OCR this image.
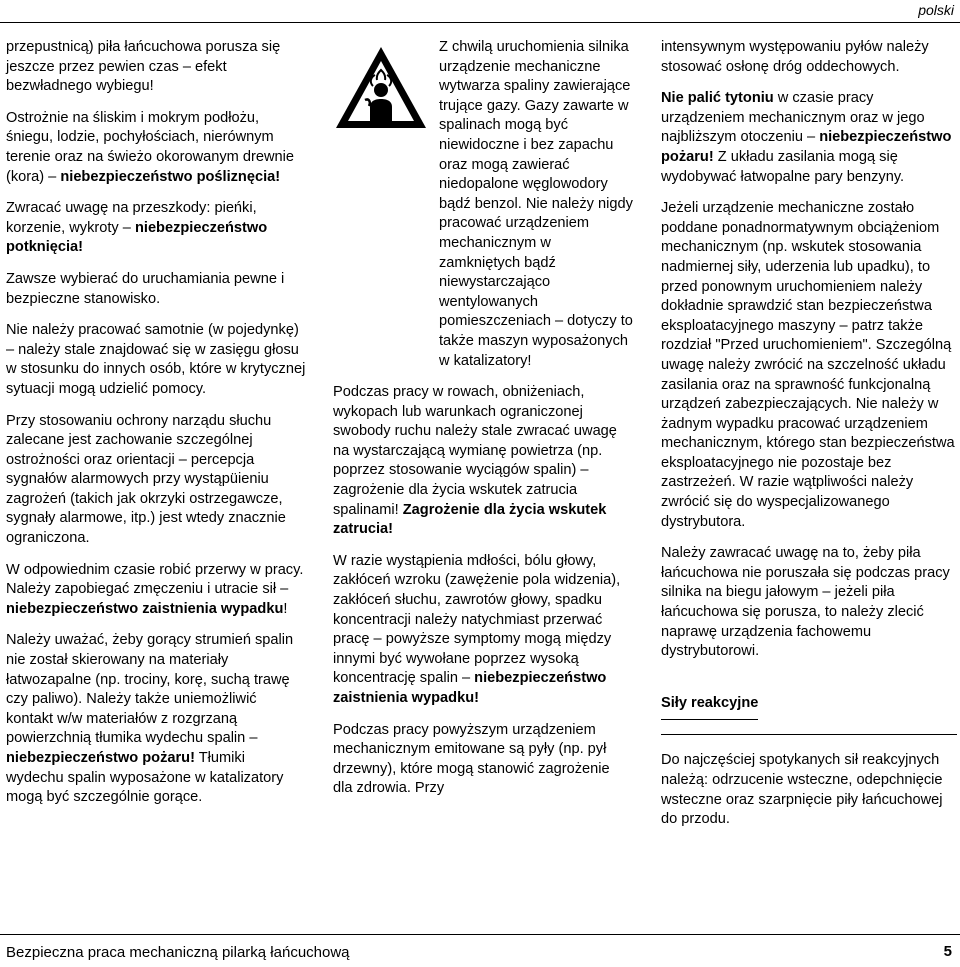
polski

przepustnicą) piła łańcuchowa porusza się jeszcze przez pewien czas – efekt bezwładnego wybiegu!

Ostrożnie na śliskim i mokrym podłożu, śniegu, lodzie, pochyłościach, nierównym terenie oraz na świeżo okorowanym drewnie (kora) – niebezpieczeństwo pośliznęcia!

Zwracać uwagę na przeszkody: pieńki, korzenie, wykroty – niebezpieczeństwo potknięcia!

Zawsze wybierać do uruchamiania pewne i bezpieczne stanowisko.

Nie należy pracować samotnie (w pojedynkę) – należy stale znajdować się w zasięgu głosu w stosunku do innych osób, które w krytycznej sytuacji mogą udzielić pomocy.

Przy stosowaniu ochrony narządu słuchu zalecane jest zachowanie szczególnej ostrożności oraz orientacji – percepcja sygnałów alarmowych przy wystąpüieniu zagrożeń (takich jak okrzyki ostrzegawcze, sygnały alarmowe, itp.) jest wtedy znacznie ograniczona.

W odpowiednim czasie robić przerwy w pracy. Należy zapobiegać zmęczeniu i utracie sił – niebezpieczeństwo zaistnienia wypadku!

Należy uważać, żeby gorący strumień spalin nie został skierowany na materiały łatwozapalne (np. trociny, korę, suchą trawę czy paliwo). Należy także uniemożliwić kontakt w/w materiałów z rozgrzaną powierzchnią tłumika wydechu spalin – niebezpieczeństwo pożaru! Tłumiki wydechu spalin wyposażone w katalizatory mogą być szczególnie gorące.

Z chwilą uruchomienia silnika urządzenie mechaniczne wytwarza spaliny zawierające trujące gazy. Gazy zawarte w spalinach mogą być niewidoczne i bez zapachu oraz mogą zawierać niedopalone węglowodory bądź benzol. Nie należy nigdy pracować urządzeniem mechanicznym w zamkniętych bądź niewystarczająco wentylowanych pomieszczeniach – dotyczy to także maszyn wyposażonych w katalizatory!

Podczas pracy w rowach, obniżeniach, wykopach lub warunkach ograniczonej swobody ruchu należy stale zwracać uwagę na wystarczającą wymianę powietrza (np. poprzez stosowanie wyciągów spalin) – zagrożenie dla życia wskutek zatrucia spalinami! Zagrożenie dla życia wskutek zatrucia!

W razie wystąpienia mdłości, bólu głowy, zakłóceń wzroku (zawężenie pola widzenia), zakłóceń słuchu, zawrotów głowy, spadku koncentracji należy natychmiast przerwać pracę – powyższe symptomy mogą między innymi być wywołane poprzez wysoką koncentrację spalin – niebezpieczeństwo zaistnienia wypadku!

Podczas pracy powyższym urządzeniem mechanicznym emitowane są pyły (np. pył drzewny), które mogą stanowić zagrożenie dla zdrowia. Przy

intensywnym występowaniu pyłów należy stosować osłonę dróg oddechowych.

Nie palić tytoniu w czasie pracy urządzeniem mechanicznym oraz w jego najbliższym otoczeniu – niebezpieczeństwo pożaru! Z układu zasilania mogą się wydobywać łatwopalne pary benzyny.

Jeżeli urządzenie mechaniczne zostało poddane ponadnormatywnym obciążeniom mechanicznym (np. wskutek stosowania nadmiernej siły, uderzenia lub upadku), to przed ponownym uruchomieniem należy dokładnie sprawdzić stan bezpieczeństwa eksploatacyjnego maszyny – patrz także rozdział "Przed uruchomieniem". Szczególną uwagę należy zwrócić na szczelność układu zasilania oraz na sprawność funkcjonalną urządzeń zabezpieczających. Nie należy w żadnym wypadku pracować urządzeniem mechanicznym, którego stan bezpieczeństwa eksploatacyjnego nie pozostaje bez zastrzeżeń. W razie wątpliwości należy zwrócić się do wyspecjalizowanego dystrybutora.

Należy zawracać uwagę na to, żeby piła łańcuchowa nie poruszała się podczas pracy silnika na biegu jałowym – jeżeli piła łańcuchowa się porusza, to należy zlecić naprawę urządzenia fachowemu dystrybutorowi.

Siły reakcyjne

Do najczęściej spotykanych sił reakcyjnych należą: odrzucenie wsteczne, odepchnięcie wsteczne oraz szarpnięcie piły łańcuchowej do przodu.

Bezpieczna praca mechaniczną pilarką łańcuchową	5
